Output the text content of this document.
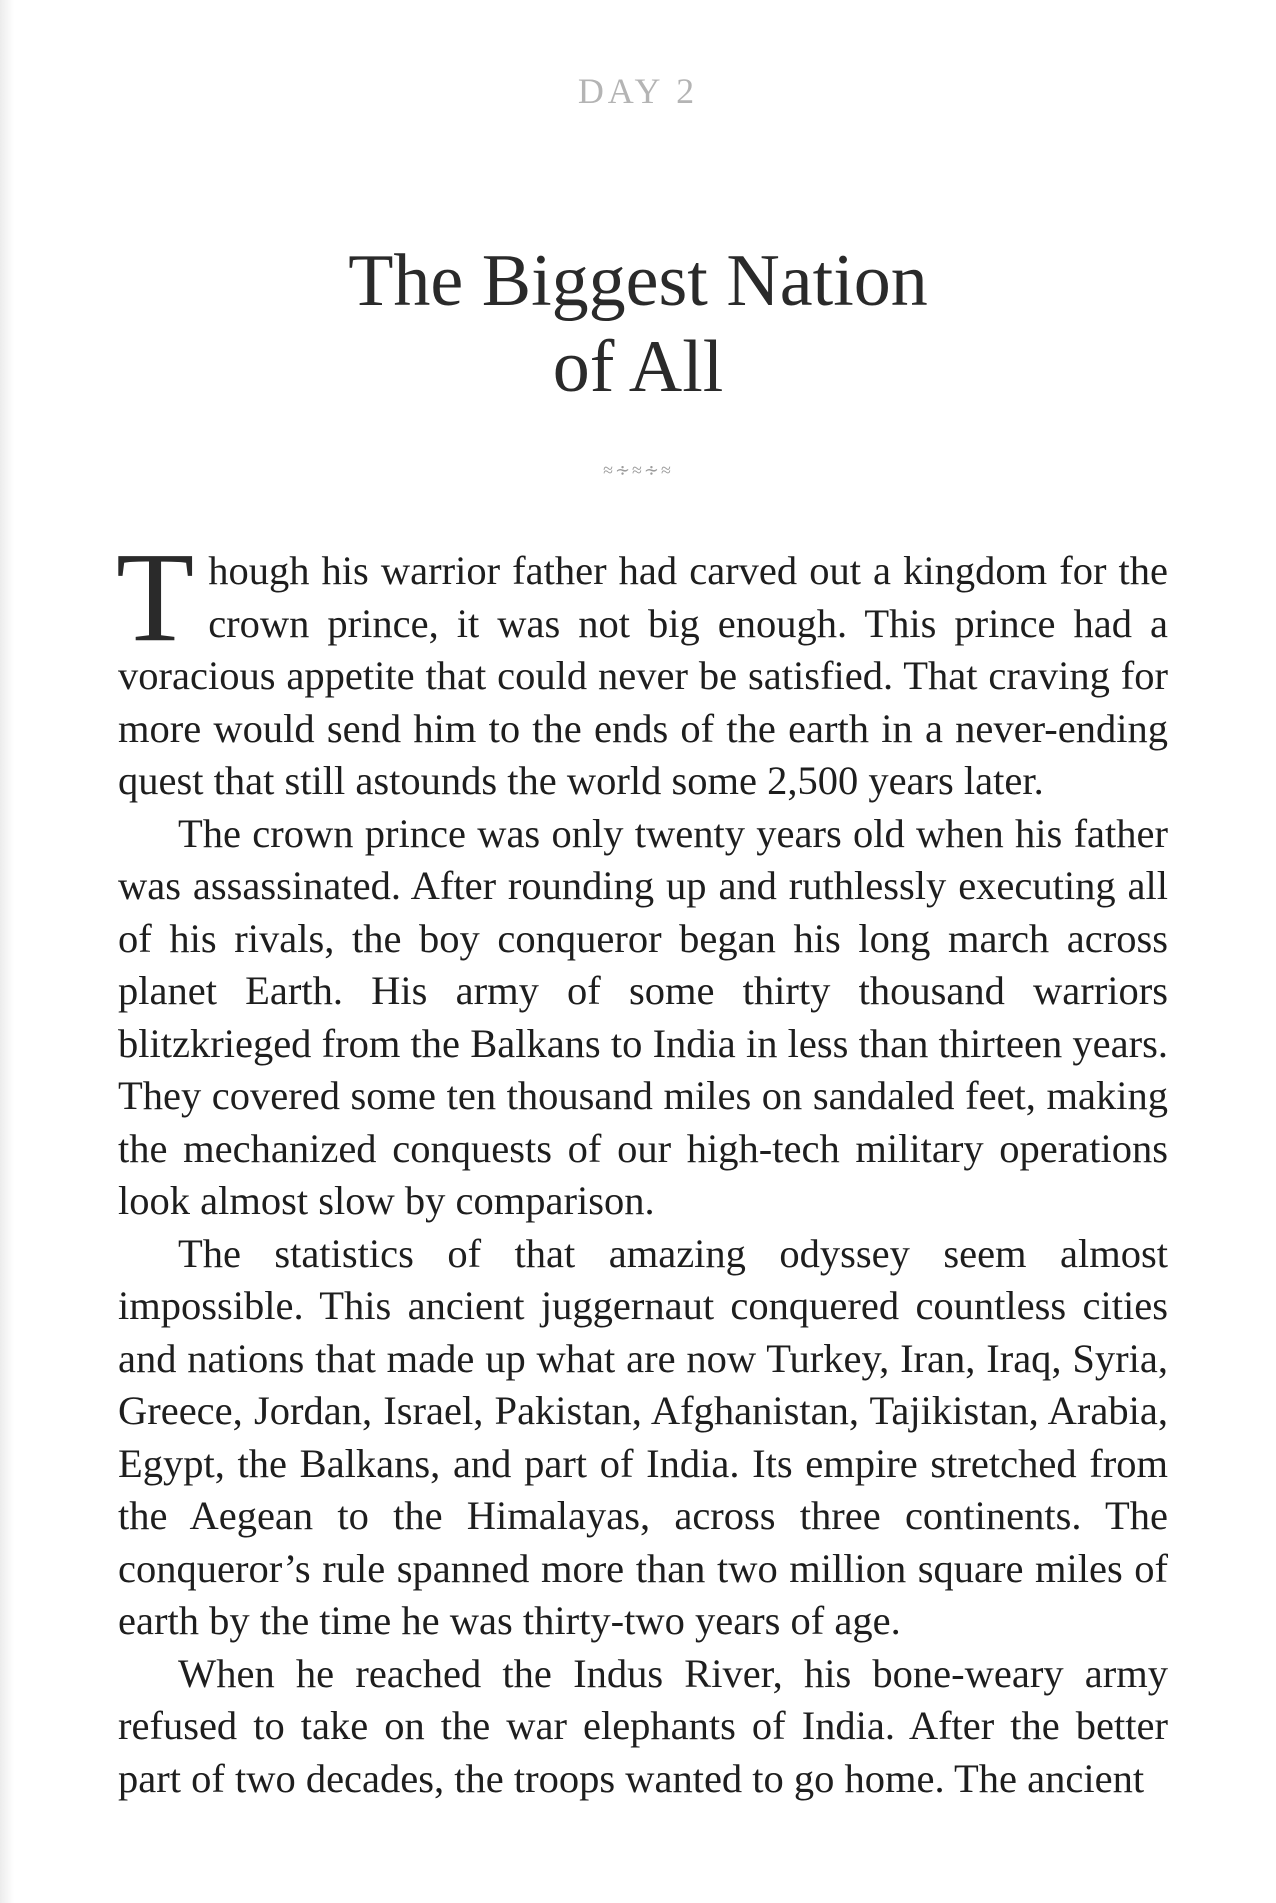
DAY 2
The Biggest Nation
of All
≈∻≈∻≈

Though his warrior father had carved out a kingdom for the crown prince, it was not big enough. This prince had a voracious appetite that could never be satisfied. That craving for more would send him to the ends of the earth in a never-ending quest that still astounds the world some 2,500 years later.

The crown prince was only twenty years old when his father was assassinated. After rounding up and ruthlessly executing all of his rivals, the boy conqueror began his long march across planet Earth. His army of some thirty thousand warriors blitzkrieged from the Balkans to India in less than thirteen years. They covered some ten thousand miles on sandaled feet, making the mechanized conquests of our high-tech military operations look almost slow by comparison.

The statistics of that amazing odyssey seem almost impossible. This ancient juggernaut conquered countless cities and nations that made up what are now Turkey, Iran, Iraq, Syria, Greece, Jordan, Israel, Pakistan, Afghanistan, Tajikistan, Arabia, Egypt, the Balkans, and part of India. Its empire stretched from the Aegean to the Himalayas, across three continents. The conqueror’s rule spanned more than two million square miles of earth by the time he was thirty-two years of age.

When he reached the Indus River, his bone-weary army refused to take on the war elephants of India. After the better part of two decades, the troops wanted to go home. The ancient
